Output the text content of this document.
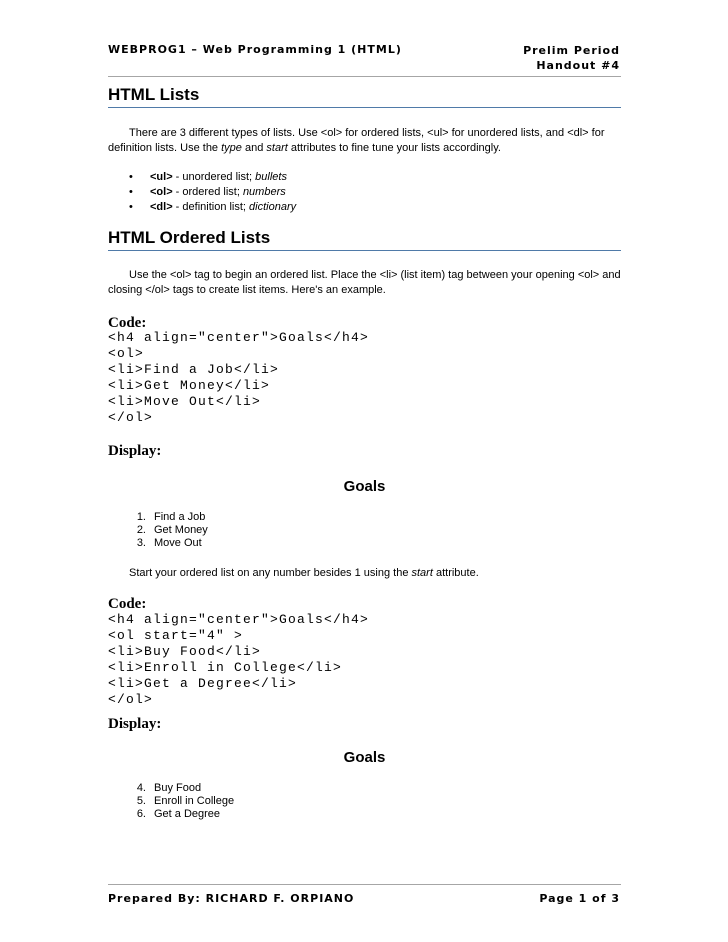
WEBPROG1 – Web Programming 1 (HTML)	Prelim Period
Handout #4
HTML Lists
There are 3 different types of lists. Use <ol> for ordered lists, <ul> for unordered lists, and <dl> for definition lists. Use the type and start attributes to fine tune your lists accordingly.
• <ul> - unordered list; bullets
• <ol> - ordered list; numbers
• <dl> - definition list; dictionary
HTML Ordered Lists
Use the <ol> tag to begin an ordered list. Place the <li> (list item) tag between your opening <ol> and closing </ol> tags to create list items. Here's an example.
Code:
<h4 align="center">Goals</h4>
<ol>
<li>Find a Job</li>
<li>Get Money</li>
<li>Move Out</li>
</ol>
Display:
Goals
1. Find a Job
2. Get Money
3. Move Out
Start your ordered list on any number besides 1 using the start attribute.
Code:
<h4 align="center">Goals</h4>
<ol start="4" >
<li>Buy Food</li>
<li>Enroll in College</li>
<li>Get a Degree</li>
</ol>
Display:
Goals
4. Buy Food
5. Enroll in College
6. Get a Degree
Prepared By: RICHARD F. ORPIANO	Page 1 of 3
